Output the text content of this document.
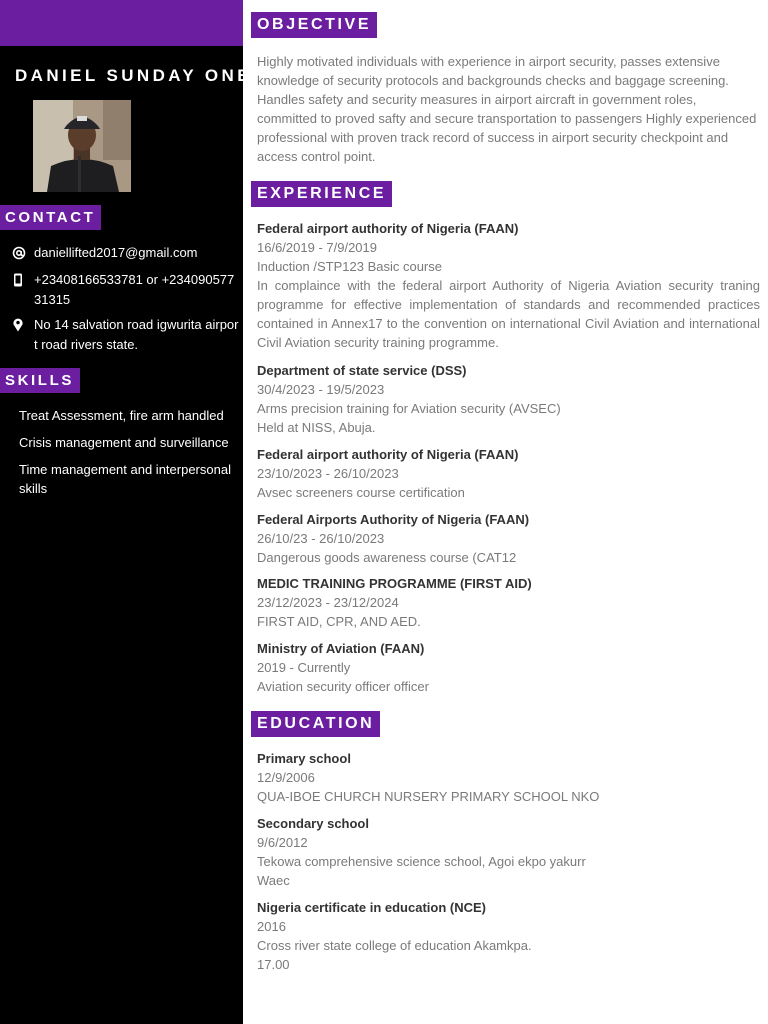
DANIEL SUNDAY ONEM
CONTACT
daniellifted2017@gmail.com
+23408166533781 or +23409057731315
No 14 salvation road igwurita airport road rivers state.
SKILLS
Treat Assessment, fire arm handled
Crisis management and surveillance
Time management and interpersonal skills
OBJECTIVE
Highly motivated individuals with experience in airport security, passes extensive knowledge of security protocols and backgrounds checks and baggage screening. Handles safety and security measures in airport aircraft in government roles, committed to proved safty and secure transportation to passengers Highly experienced professional with proven track record of success in airport security checkpoint and access control point.
EXPERIENCE
Federal airport authority of Nigeria (FAAN)
16/6/2019 - 7/9/2019
Induction /STP123 Basic course
In complaince with the federal airport Authority of Nigeria Aviation security traning programme for effective implementation of standards and recommended practices contained in Annex17 to the convention on international Civil Aviation and international Civil Aviation security training programme.
Department of state service (DSS)
30/4/2023 - 19/5/2023
Arms precision training for Aviation security (AVSEC)
Held at NISS, Abuja.
Federal airport authority of Nigeria (FAAN)
23/10/2023 - 26/10/2023
Avsec screeners course certification
Federal Airports Authority of Nigeria (FAAN)
26/10/23 - 26/10/2023
Dangerous goods awareness course (CAT12
MEDIC TRAINING PROGRAMME (FIRST AID)
23/12/2023 - 23/12/2024
FIRST AID, CPR, AND AED.
Ministry of Aviation (FAAN)
2019 - Currently
Aviation security officer officer
EDUCATION
Primary school
12/9/2006
QUA-IBOE CHURCH NURSERY PRIMARY SCHOOL NKO
Secondary school
9/6/2012
Tekowa comprehensive science school, Agoi ekpo yakurr
Waec
Nigeria certificate in education (NCE)
2016
Cross river state college of education Akamkpa.
17.00
